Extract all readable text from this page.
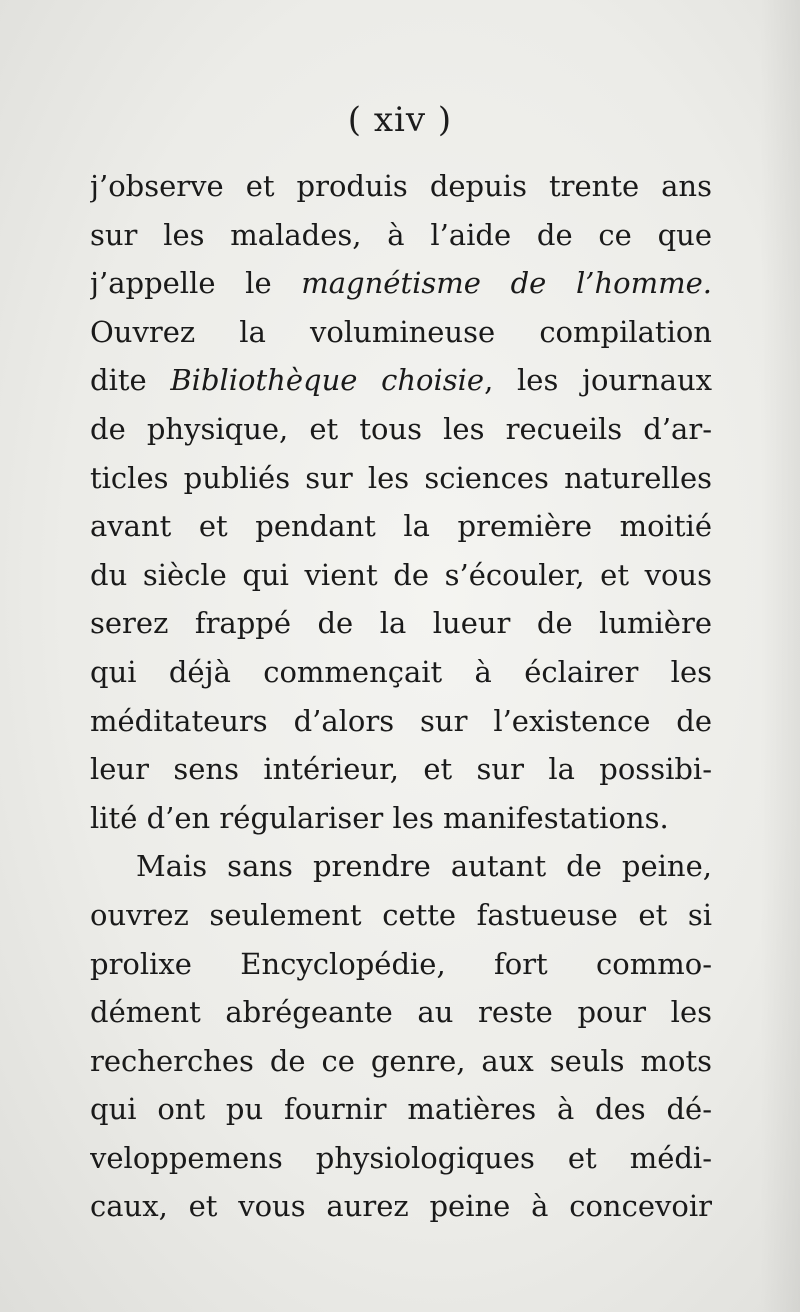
( xiv )
j’observe et produis depuis trente ans
sur les malades, à l’aide de ce que
j’appelle le magnétisme de l’homme.
Ouvrez la volumineuse compilation
dite Bibliothèque choisie, les journaux
de physique, et tous les recueils d’ar-
ticles publiés sur les sciences naturelles
avant et pendant la première moitié
du siècle qui vient de s’écouler, et vous
serez frappé de la lueur de lumière
qui déjà commençait à éclairer les
méditateurs d’alors sur l’existence de
leur sens intérieur, et sur la possibi-
lité d’en régulariser les manifestations.
Mais sans prendre autant de peine,
ouvrez seulement cette fastueuse et si
prolixe Encyclopédie, fort commo-
dément abrégeante au reste pour les
recherches de ce genre, aux seuls mots
qui ont pu fournir matières à des dé-
veloppemens physiologiques et médi-
caux, et vous aurez peine à concevoir
